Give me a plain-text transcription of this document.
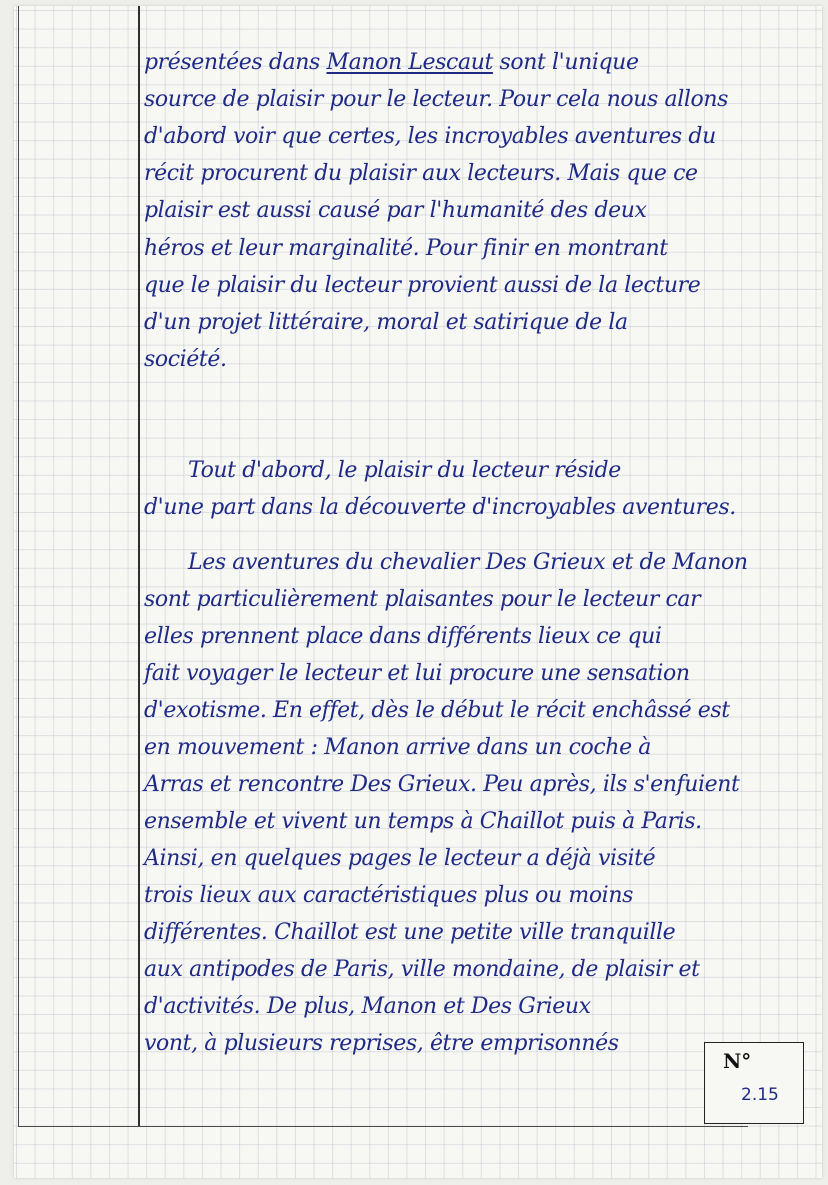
présentées dans Manon Lescaut sont l'unique
source de plaisir pour le lecteur. Pour cela nous allons
d'abord voir que certes, les incroyables aventures du
récit procurent du plaisir aux lecteurs. Mais que ce
plaisir est aussi causé par l'humanité des deux
héros et leur marginalité. Pour finir en montrant
que le plaisir du lecteur provient aussi de la lecture
d'un projet littéraire, moral et satirique de la
société.
Tout d'abord, le plaisir du lecteur réside
d'une part dans la découverte d'incroyables aventures.
Les aventures du chevalier Des Grieux et de Manon
sont particulièrement plaisantes pour le lecteur car
elles prennent place dans différents lieux ce qui
fait voyager le lecteur et lui procure une sensation
d'exotisme. En effet, dès le début le récit enchâssé est
en mouvement : Manon arrive dans un coche à
Arras et rencontre Des Grieux. Peu après, ils s'enfuient
ensemble et vivent un temps à Chaillot puis à Paris.
Ainsi, en quelques pages le lecteur a déjà visité
trois lieux aux caractéristiques plus ou moins
différentes. Chaillot est une petite ville tranquille
aux antipodes de Paris, ville mondaine, de plaisir et
d'activités. De plus, Manon et Des Grieux
vont, à plusieurs reprises, être emprisonnés
N°
2.15
